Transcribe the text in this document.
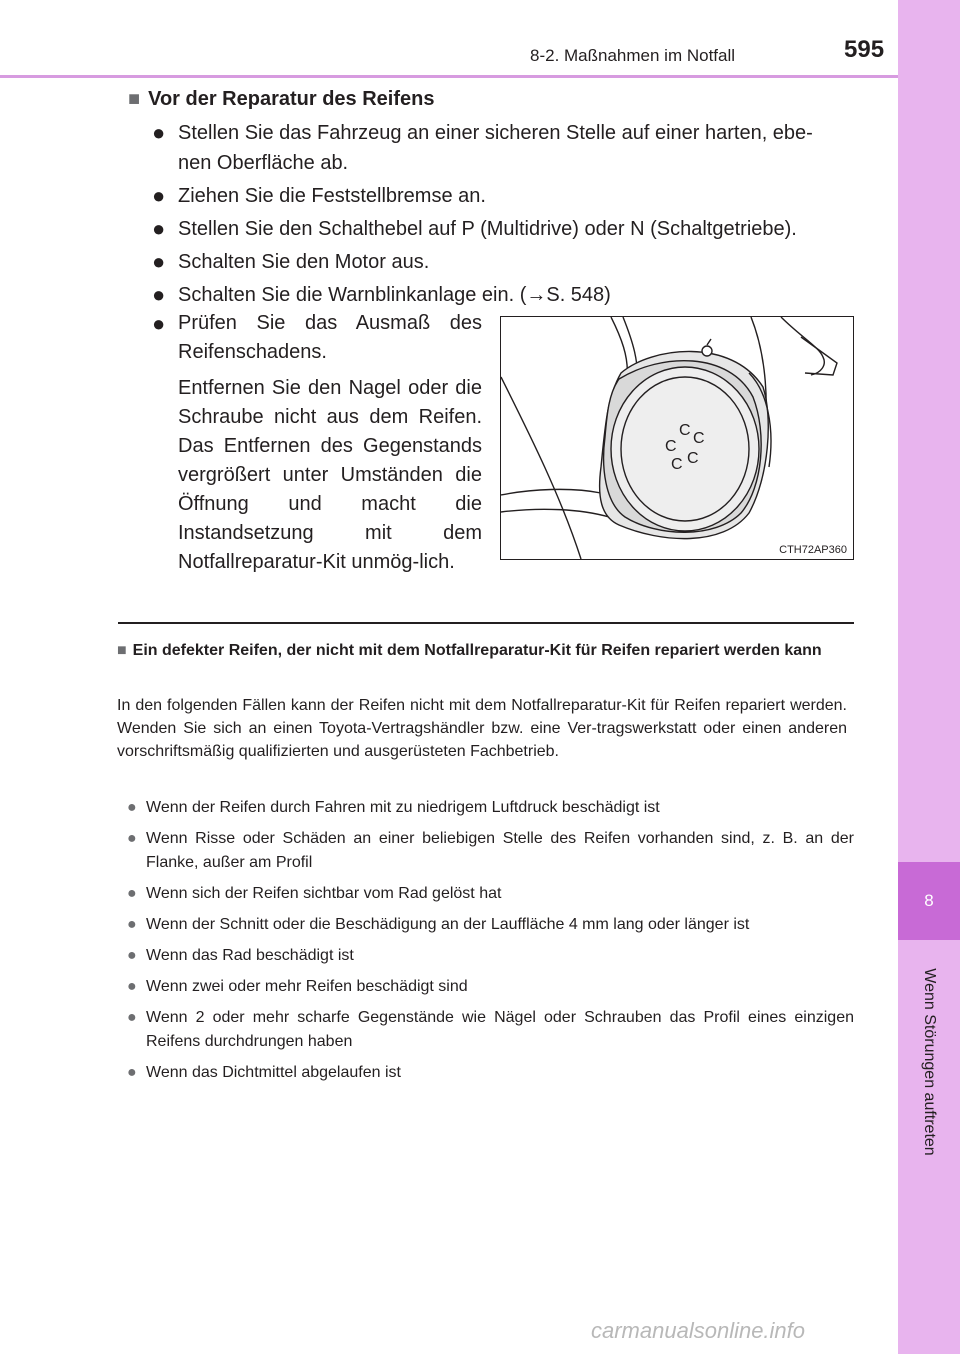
8
Wenn Störungen auftreten
8-2. Maßnahmen im Notfall	595
■ Vor der Reparatur des Reifens
● Stellen Sie das Fahrzeug an einer sicheren Stelle auf einer harten, ebe-nen Oberfläche ab.
● Ziehen Sie die Feststellbremse an.
● Stellen Sie den Schalthebel auf P (Multidrive) oder N (Schaltgetriebe).
● Schalten Sie den Motor aus.
● Schalten Sie die Warnblinkanlage ein. (→S. 548)
● Prüfen Sie das Ausmaß des Reifenschadens.

Entfernen Sie den Nagel oder die Schraube nicht aus dem Reifen. Das Entfernen des Gegenstands vergrößert unter Umständen die Öffnung und macht die Instandsetzung mit dem Notfallreparatur-Kit unmög-lich.

C C
C
C
C
CTH72AP360
■ Ein defekter Reifen, der nicht mit dem Notfallreparatur-Kit für Reifen repariert werden kann

In den folgenden Fällen kann der Reifen nicht mit dem Notfallreparatur-Kit für Reifen repariert werden. Wenden Sie sich an einen Toyota-Vertragshändler bzw. eine Ver-tragswerkstatt oder einen anderen vorschriftsmäßig qualifizierten und ausgerüsteten Fachbetrieb.

● Wenn der Reifen durch Fahren mit zu niedrigem Luftdruck beschädigt ist
● Wenn Risse oder Schäden an einer beliebigen Stelle des Reifen vorhanden sind, z. B. an der Flanke, außer am Profil
● Wenn sich der Reifen sichtbar vom Rad gelöst hat
● Wenn der Schnitt oder die Beschädigung an der Lauffläche 4 mm lang oder länger ist
● Wenn das Rad beschädigt ist
● Wenn zwei oder mehr Reifen beschädigt sind
● Wenn 2 oder mehr scharfe Gegenstände wie Nägel oder Schrauben das Profil eines einzigen Reifens durchdrungen haben
● Wenn das Dichtmittel abgelaufen ist
carmanualsonline.info
